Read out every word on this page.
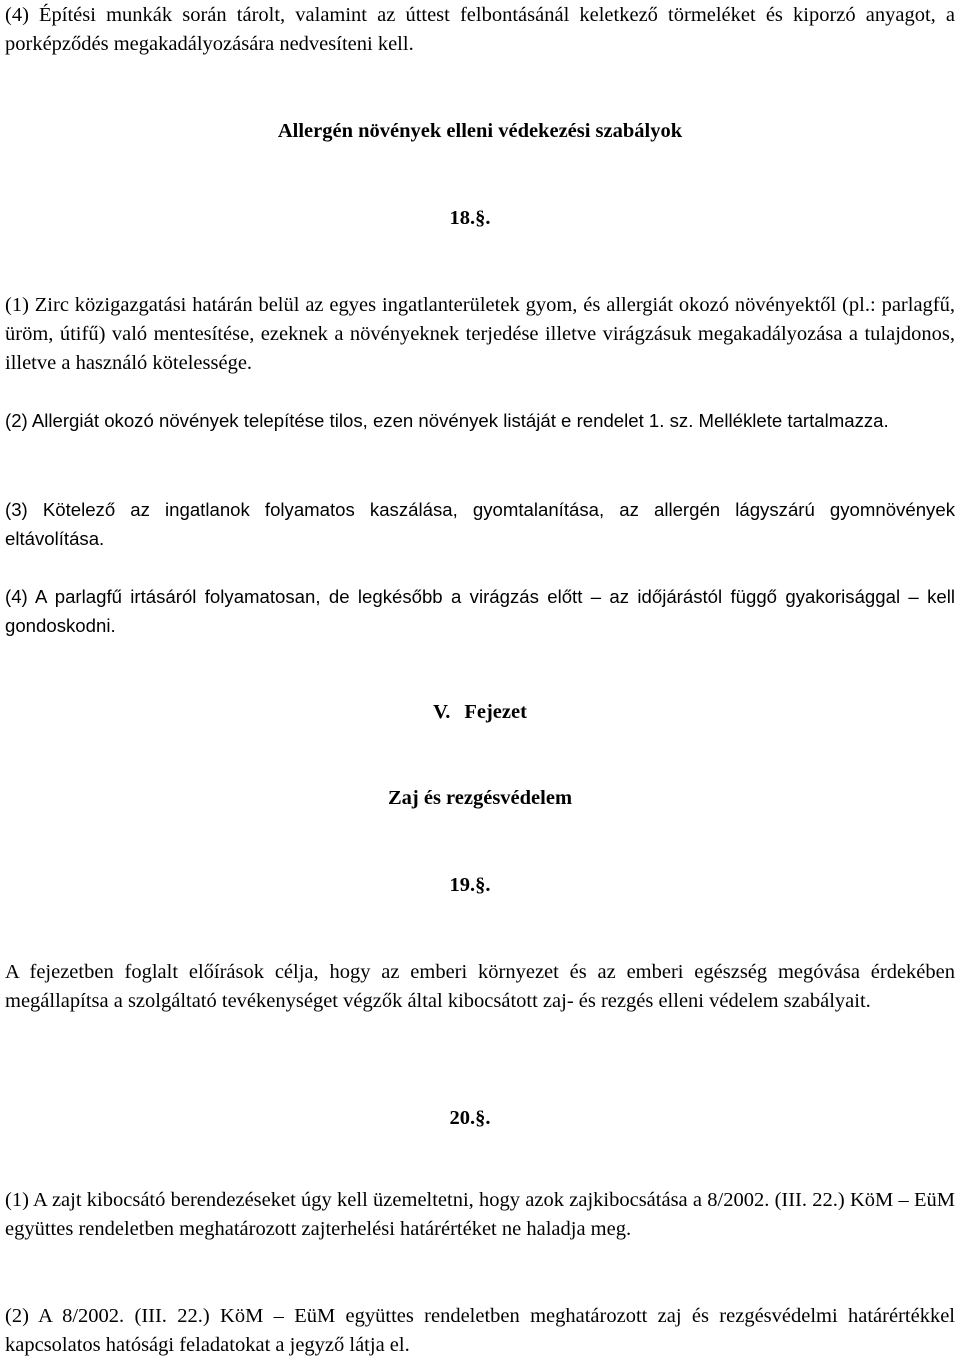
(4) Építési munkák során tárolt, valamint az úttest felbontásánál keletkező törmeléket és kiporzó anyagot, a porképződés megakadályozására nedvesíteni kell.

Allergén növények elleni védekezési szabályok

18.§.

(1) Zirc közigazgatási határán belül az egyes ingatlanterületek gyom, és allergiát okozó növényektől (pl.: parlagfű, üröm, útifű) való mentesítése, ezeknek a növényeknek terjedése illetve virágzásuk megakadályozása a tulajdonos, illetve a használó kötelessége.

(2) Allergiát okozó növények telepítése tilos, ezen növények listáját e rendelet 1. sz. Melléklete tartalmazza.

(3) Kötelező az ingatlanok folyamatos kaszálása, gyomtalanítása, az allergén lágyszárú gyomnövények eltávolítása.

(4) A parlagfű irtásáról folyamatosan, de legkésőbb a virágzás előtt – az időjárástól függő gyakorisággal – kell gondoskodni.

V. Fejezet

Zaj és rezgésvédelem

19.§.

A fejezetben foglalt előírások célja, hogy az emberi környezet és az emberi egészség megóvása érdekében megállapítsa a szolgáltató tevékenységet végzők által kibocsátott zaj- és rezgés elleni védelem szabályait.

20.§.

(1) A zajt kibocsátó berendezéseket úgy kell üzemeltetni, hogy azok zajkibocsátása a 8/2002. (III. 22.) KöM – EüM együttes rendeletben meghatározott zajterhelési határértéket ne haladja meg.

(2) A 8/2002. (III. 22.) KöM – EüM együttes rendeletben meghatározott zaj és rezgésvédelmi határértékkel kapcsolatos hatósági feladatokat a jegyző látja el.
